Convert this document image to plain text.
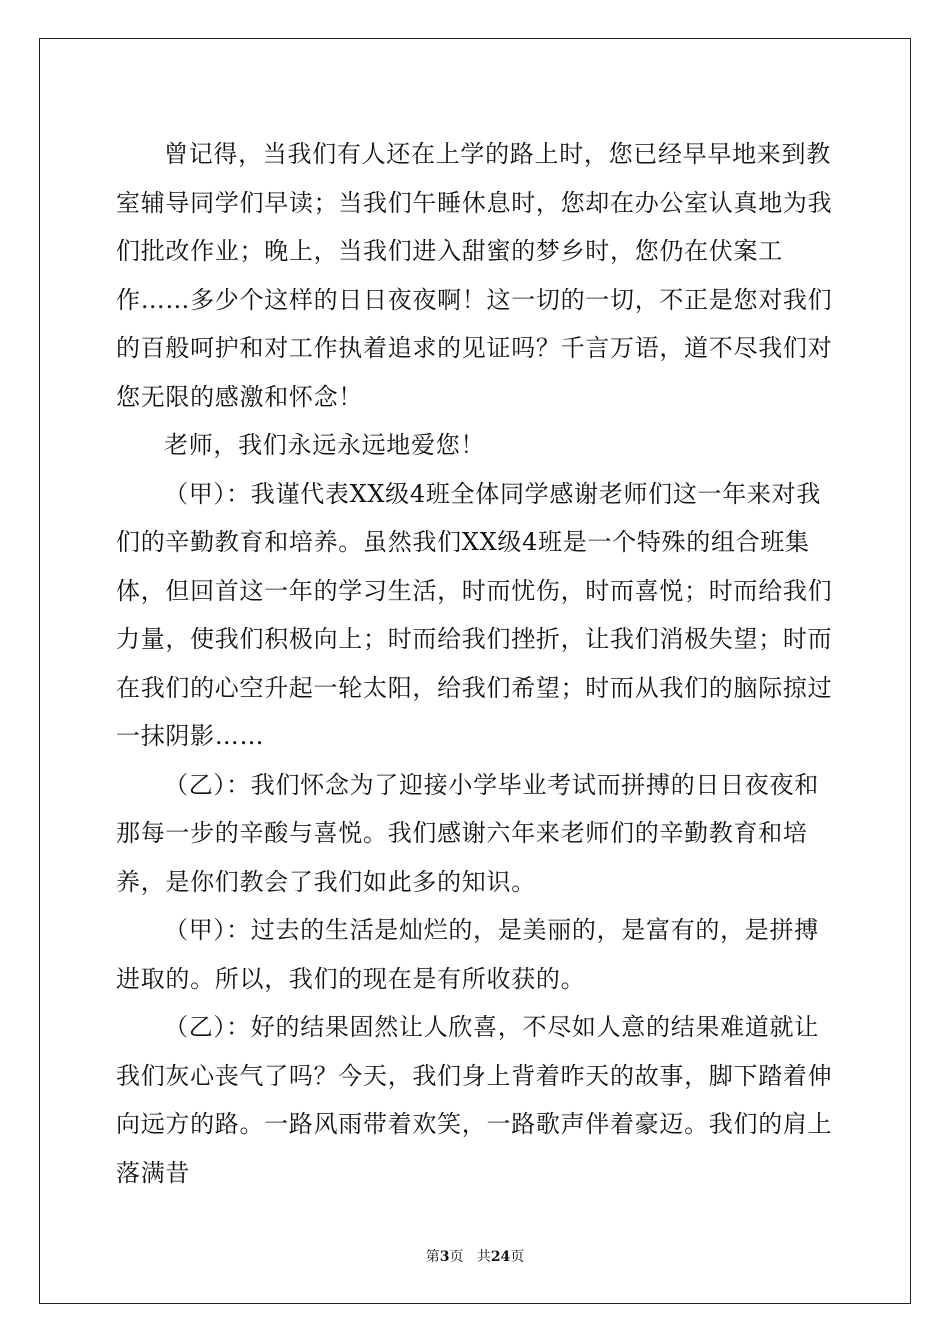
曾记得，当我们有人还在上学的路上时，您已经早早地来到教室辅导同学们早读；当我们午睡休息时，您却在办公室认真地为我们批改作业；晚上，当我们进入甜蜜的梦乡时，您仍在伏案工作……多少个这样的日日夜夜啊！这一切的一切，不正是您对我们的百般呵护和对工作执着追求的见证吗？千言万语，道不尽我们对您无限的感激和怀念！

老师，我们永远永远地爱您！

（甲）：我谨代表XX级4班全体同学感谢老师们这一年来对我们的辛勤教育和培养。虽然我们XX级4班是一个特殊的组合班集体，但回首这一年的学习生活，时而忧伤，时而喜悦；时而给我们力量，使我们积极向上；时而给我们挫折，让我们消极失望；时而在我们的心空升起一轮太阳，给我们希望；时而从我们的脑际掠过一抹阴影……

（乙）：我们怀念为了迎接小学毕业考试而拼搏的日日夜夜和那每一步的辛酸与喜悦。我们感谢六年来老师们的辛勤教育和培养，是你们教会了我们如此多的知识。

（甲）：过去的生活是灿烂的，是美丽的，是富有的，是拼搏进取的。所以，我们的现在是有所收获的。

（乙）：好的结果固然让人欣喜，不尽如人意的结果难道就让我们灰心丧气了吗？今天，我们身上背着昨天的故事，脚下踏着伸向远方的路。一路风雨带着欢笑，一路歌声伴着豪迈。我们的肩上落满昔

第3页 共24页
